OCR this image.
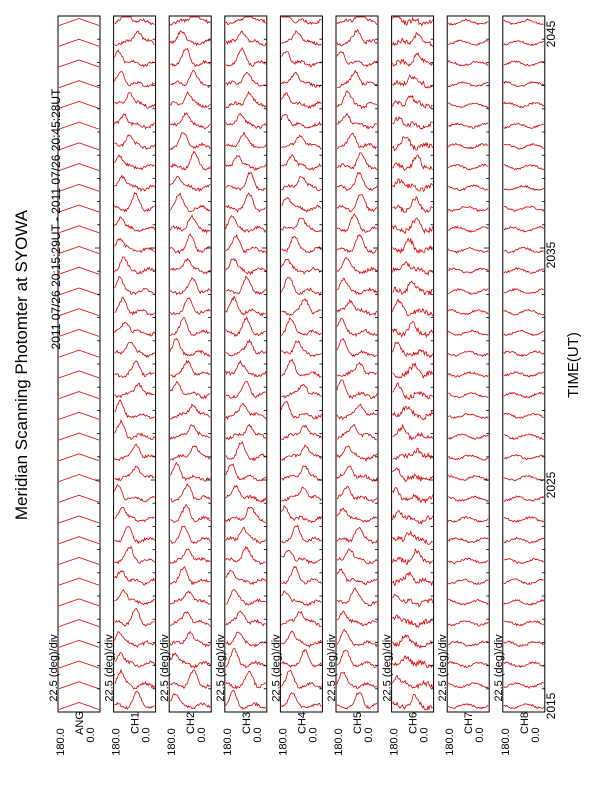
22.5 (deg)/div
ANG
180.0 0.0
22.5 (deg)/div
CH1
180.0 0.0
22.5 (deg)/div
CH2
180.0 0.0
22.5 (deg)/div
CH3
180.0 0.0
22.5 (deg)/div
CH4
180.0 0.0
22.5 (deg)/div
CH5
180.0 0.0
22.5 (deg)/div
CH6
180.0 0.0
22.5 (deg)/div
CH7
180.0 0.0
22.5 (deg)/div
CH8
180.0 0.0
Meridian Scanning Photomter at SYOWA 2011 07/26 20:15:29UT - 2011 07/26 20:45:28UT
TIME(UT)
2015
2025
2035
2045
